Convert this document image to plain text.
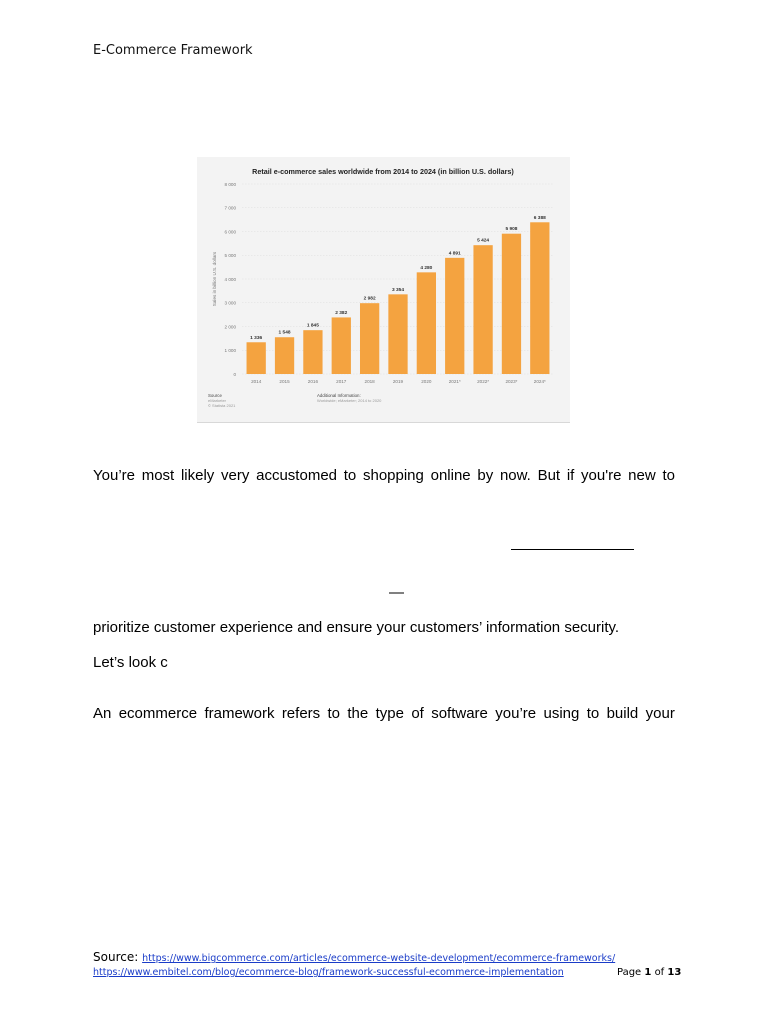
E-Commerce Framework
Retail e-commerce sales worldwide from 2014 to 2024 (in billion U.S. dollars)
0
1 000
2 000
3 000
4 000
5 000
6 000
7 000
8 000
Sales in billion U.S. dollars
1 336
2014
1 548
2015
1 845
2016
2 382
2017
2 982
2018
3 354
2019
4 280
2020
4 891
2021*
5 424
2022*
5 908
2023*
6 388
2024*
Source
eMarketer
© Statista 2021
Additional Information:
Worldwide; eMarketer; 2014 to 2020
You’re most likely very accustomed to shopping online by now. But if you're new to
—
prioritize customer experience and ensure your customers’ information security.
Let’s look c
An ecommerce framework refers to the type of software you’re using to build your
Source: https://www.bigcommerce.com/articles/ecommerce-website-development/ecommerce-frameworks/
https://www.embitel.com/blog/ecommerce-blog/framework-successful-ecommerce-implementation	Page 1 of 13
